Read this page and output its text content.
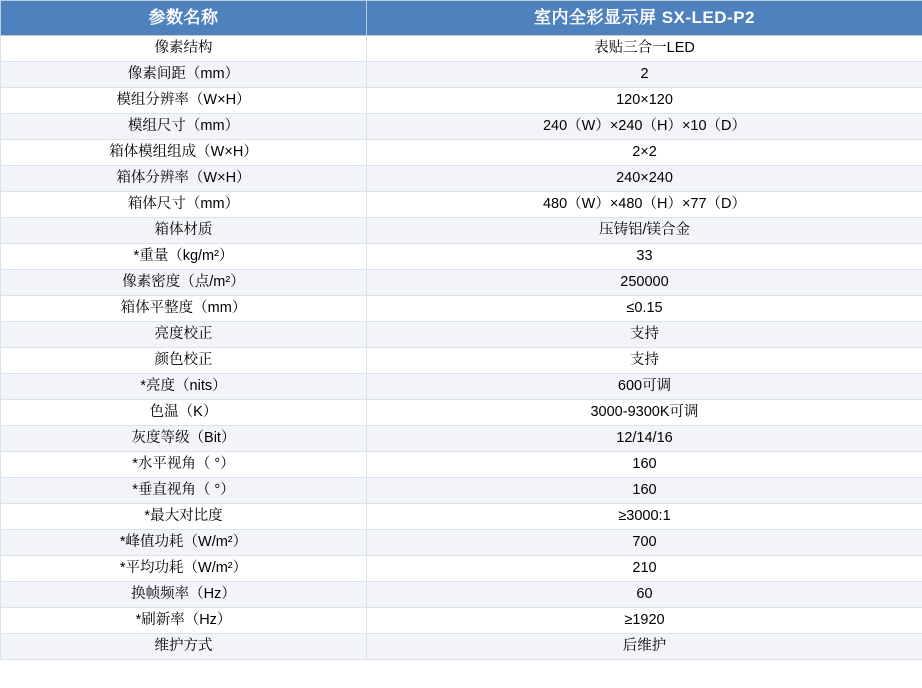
参数名称	室内全彩显示屏 SX-LED-P2
像素结构	表贴三合一LED
像素间距（mm）	2
模组分辨率（W×H）	120×120
模组尺寸（mm）	240（W）×240（H）×10（D）
箱体模组组成（W×H）	2×2
箱体分辨率（W×H）	240×240
箱体尺寸（mm）	480（W）×480（H）×77（D）
箱体材质	压铸铝/镁合金
*重量（kg/m²）	33
像素密度（点/m²）	250000
箱体平整度（mm）	≤0.15
亮度校正	支持
颜色校正	支持
*亮度（nits）	600可调
色温（K）	3000-9300K可调
灰度等级（Bit）	12/14/16
*水平视角（ °）	160
*垂直视角（ °）	160
*最大对比度	≥3000:1
*峰值功耗（W/m²）	700
*平均功耗（W/m²）	210
换帧频率（Hz）	60
*刷新率（Hz）	≥1920
维护方式	后维护
